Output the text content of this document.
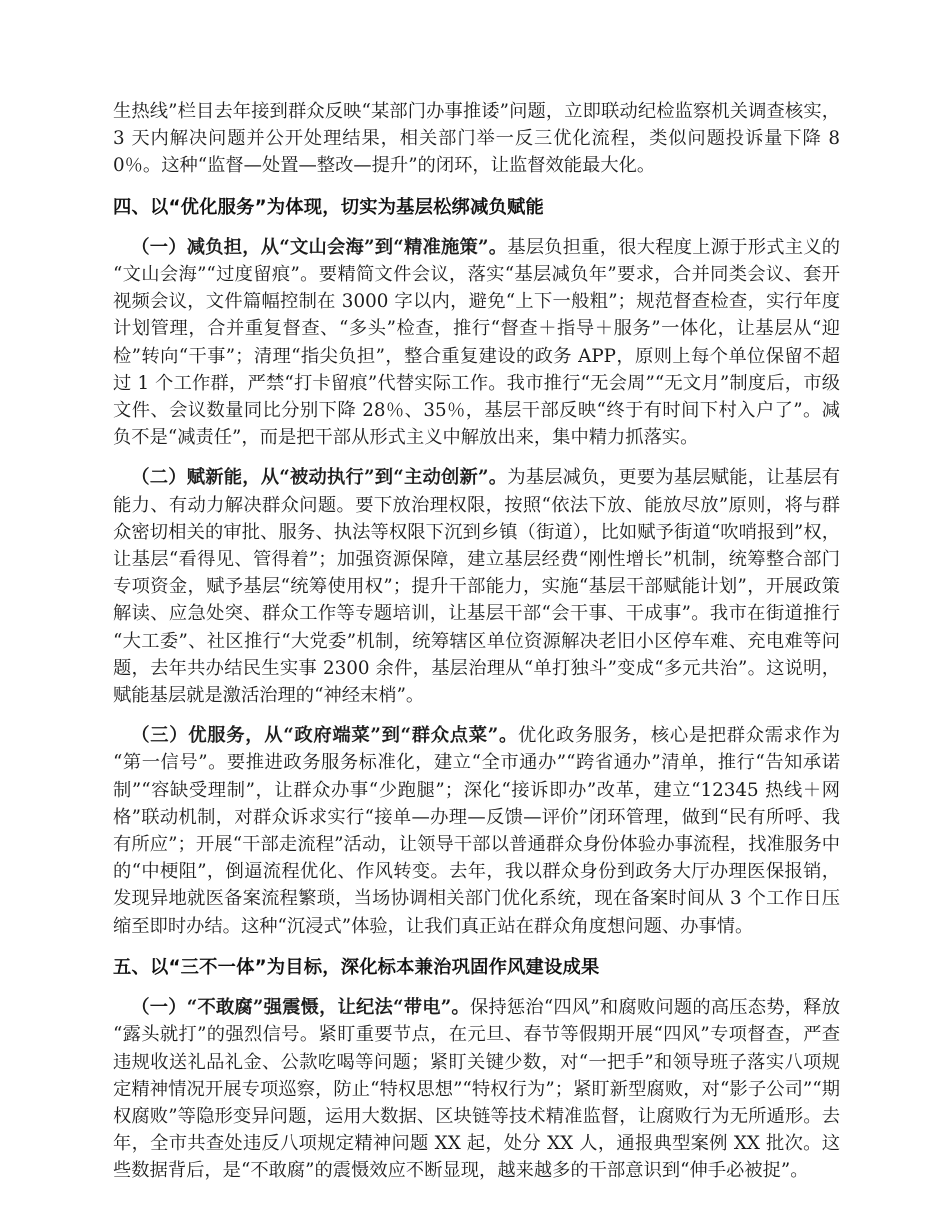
生热线”栏目去年接到群众反映“某部门办事推诿”问题，立即联动纪检监察机关调查核实，3 天内解决问题并公开处理结果，相关部门举一反三优化流程，类似问题投诉量下降 80％。这种“监督—处置—整改—提升”的闭环，让监督效能最大化。

四、以“优化服务”为体现，切实为基层松绑减负赋能

（一）减负担，从“文山会海”到“精准施策”。基层负担重，很大程度上源于形式主义的“文山会海”“过度留痕”。要精简文件会议，落实“基层减负年”要求，合并同类会议、套开视频会议，文件篇幅控制在 3000 字以内，避免“上下一般粗”；规范督查检查，实行年度计划管理，合并重复督查、“多头”检查，推行“督查＋指导＋服务”一体化，让基层从“迎检”转向“干事”；清理“指尖负担”，整合重复建设的政务 APP，原则上每个单位保留不超过 1 个工作群，严禁“打卡留痕”代替实际工作。我市推行“无会周”“无文月”制度后，市级文件、会议数量同比分别下降 28％、35％，基层干部反映“终于有时间下村入户了”。减负不是“减责任”，而是把干部从形式主义中解放出来，集中精力抓落实。

（二）赋新能，从“被动执行”到“主动创新”。为基层减负，更要为基层赋能，让基层有能力、有动力解决群众问题。要下放治理权限，按照“依法下放、能放尽放”原则，将与群众密切相关的审批、服务、执法等权限下沉到乡镇（街道），比如赋予街道“吹哨报到”权，让基层“看得见、管得着”；加强资源保障，建立基层经费“刚性增长”机制，统筹整合部门专项资金，赋予基层“统筹使用权”；提升干部能力，实施“基层干部赋能计划”，开展政策解读、应急处突、群众工作等专题培训，让基层干部“会干事、干成事”。我市在街道推行“大工委”、社区推行“大党委”机制，统筹辖区单位资源解决老旧小区停车难、充电难等问题，去年共办结民生实事 2300 余件，基层治理从“单打独斗”变成“多元共治”。这说明，赋能基层就是激活治理的“神经末梢”。

（三）优服务，从“政府端菜”到“群众点菜”。优化政务服务，核心是把群众需求作为“第一信号”。要推进政务服务标准化，建立“全市通办”“跨省通办”清单，推行“告知承诺制”“容缺受理制”，让群众办事“少跑腿”；深化“接诉即办”改革，建立“12345 热线＋网格”联动机制，对群众诉求实行“接单—办理—反馈—评价”闭环管理，做到“民有所呼、我有所应”；开展“干部走流程”活动，让领导干部以普通群众身份体验办事流程，找准服务中的“中梗阻”，倒逼流程优化、作风转变。去年，我以群众身份到政务大厅办理医保报销，发现异地就医备案流程繁琐，当场协调相关部门优化系统，现在备案时间从 3 个工作日压缩至即时办结。这种“沉浸式”体验，让我们真正站在群众角度想问题、办事情。

五、以“三不一体”为目标，深化标本兼治巩固作风建设成果

（一）“不敢腐”强震慑，让纪法“带电”。保持惩治“四风”和腐败问题的高压态势，释放“露头就打”的强烈信号。紧盯重要节点，在元旦、春节等假期开展“四风”专项督查，严查违规收送礼品礼金、公款吃喝等问题；紧盯关键少数，对“一把手”和领导班子落实八项规定精神情况开展专项巡察，防止“特权思想”“特权行为”；紧盯新型腐败，对“影子公司”“期权腐败”等隐形变异问题，运用大数据、区块链等技术精准监督，让腐败行为无所遁形。去年，全市共查处违反八项规定精神问题 XX 起，处分 XX 人，通报典型案例 XX 批次。这些数据背后，是“不敢腐”的震慑效应不断显现，越来越多的干部意识到“伸手必被捉”。
